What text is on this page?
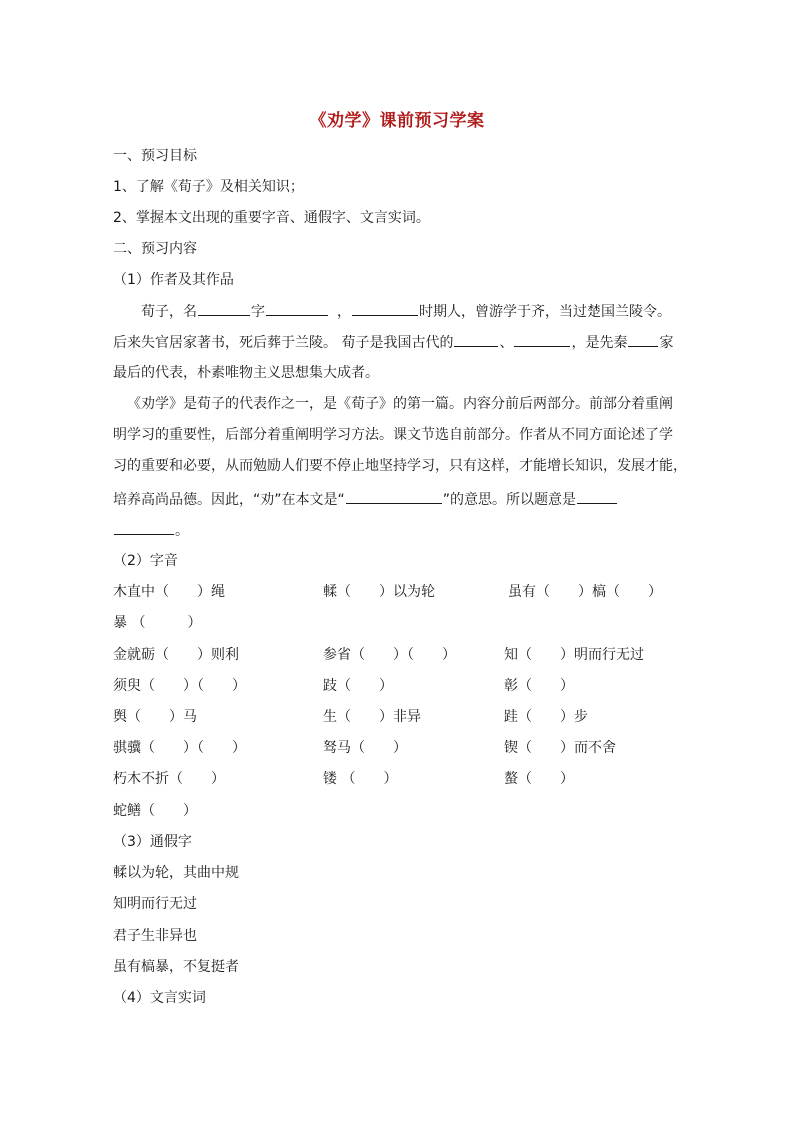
《劝学》课前预习学案
一、预习目标
1、了解《荀子》及相关知识；
2、掌握本文出现的重要字音、通假字、文言实词。
二、预习内容
（1）作者及其作品
荀子，名	字	，	时期人，曾游学于齐，当过楚国兰陵令。
后来失官居家著书，死后葬于兰陵。 荀子是我国古代的	、	，是先秦 家
最后的代表，朴素唯物主义思想集大成者。
《劝学》是荀子的代表作之一，是《荀子》的第一篇。内容分前后两部分。前部分着重阐
明学习的重要性，后部分着重阐明学习方法。课文节选自前部分。作者从不同方面论述了学
习的重要和必要，从而勉励人们要不停止地坚持学习，只有这样，才能增长知识，发展才能，
培养高尚品德。因此，“劝”在本文是“	”的意思。所以题意是
。
（2）字音
木直中（　　）绳	輮（　　）以为轮	虽有（　　）槁（　　）
暴 （　　　）
金就砺（　　）则利	参省（　　）（　　）	知（　　）明而行无过
须臾（　　）（　　）	跂（　　）	彰（　　）
舆（　　）马	生（　　）非异	跬（　　）步
骐骥（　　）（　　）	驽马（　　）	锲（　　）而不舍
朽木不折（　　）	镂 （　　）	螯（　　）
蛇鳝（　　）
（3）通假字
輮以为轮，其曲中规
知明而行无过
君子生非异也
虽有槁暴，不复挺者
（4）文言实词
